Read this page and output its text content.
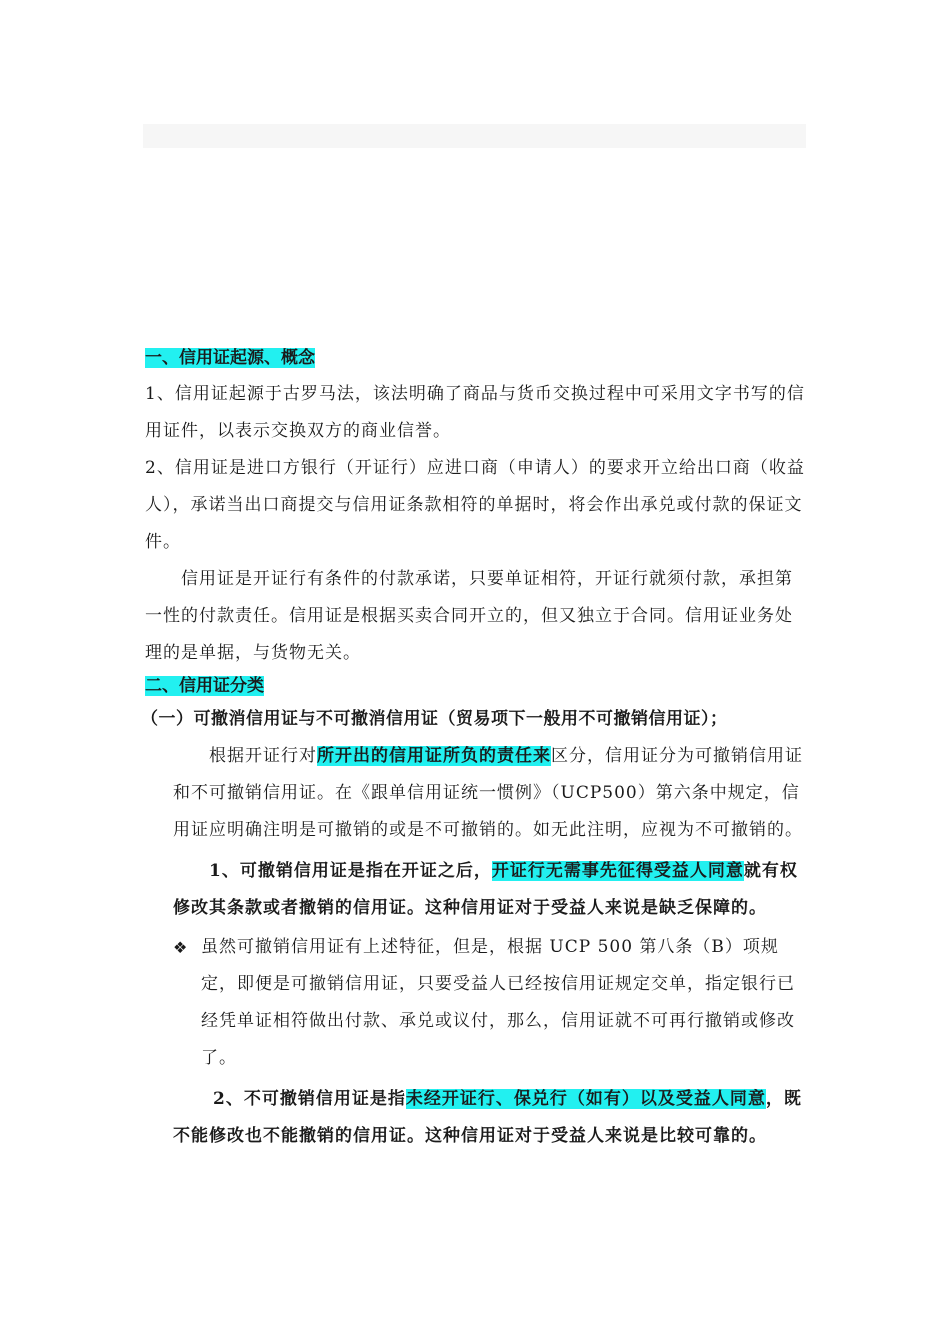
一、信用证起源、概念

1、信用证起源于古罗马法，该法明确了商品与货币交换过程中可采用文字书写的信用证件，以表示交换双方的商业信誉。

2、信用证是进口方银行（开证行）应进口商（申请人）的要求开立给出口商（收益人），承诺当出口商提交与信用证条款相符的单据时，将会作出承兑或付款的保证文件。

信用证是开证行有条件的付款承诺，只要单证相符，开证行就须付款，承担第一性的付款责任。信用证是根据买卖合同开立的，但又独立于合同。信用证业务处理的是单据，与货物无关。

二、信用证分类

（一）可撤消信用证与不可撤消信用证（贸易项下一般用不可撤销信用证）；

根据开证行对所开出的信用证所负的责任来区分，信用证分为可撤销信用证和不可撤销信用证。在《跟单信用证统一惯例》（UCP500）第六条中规定，信用证应明确注明是可撤销的或是不可撤销的。如无此注明，应视为不可撤销的。

1、可撤销信用证是指在开证之后，开证行无需事先征得受益人同意就有权修改其条款或者撤销的信用证。这种信用证对于受益人来说是缺乏保障的。

❖ 虽然可撤销信用证有上述特征，但是，根据 UCP 500 第八条（B）项规定，即便是可撤销信用证，只要受益人已经按信用证规定交单，指定银行已经凭单证相符做出付款、承兑或议付，那么，信用证就不可再行撤销或修改了。

2、不可撤销信用证是指未经开证行、保兑行（如有）以及受益人同意，既不能修改也不能撤销的信用证。这种信用证对于受益人来说是比较可靠的。
